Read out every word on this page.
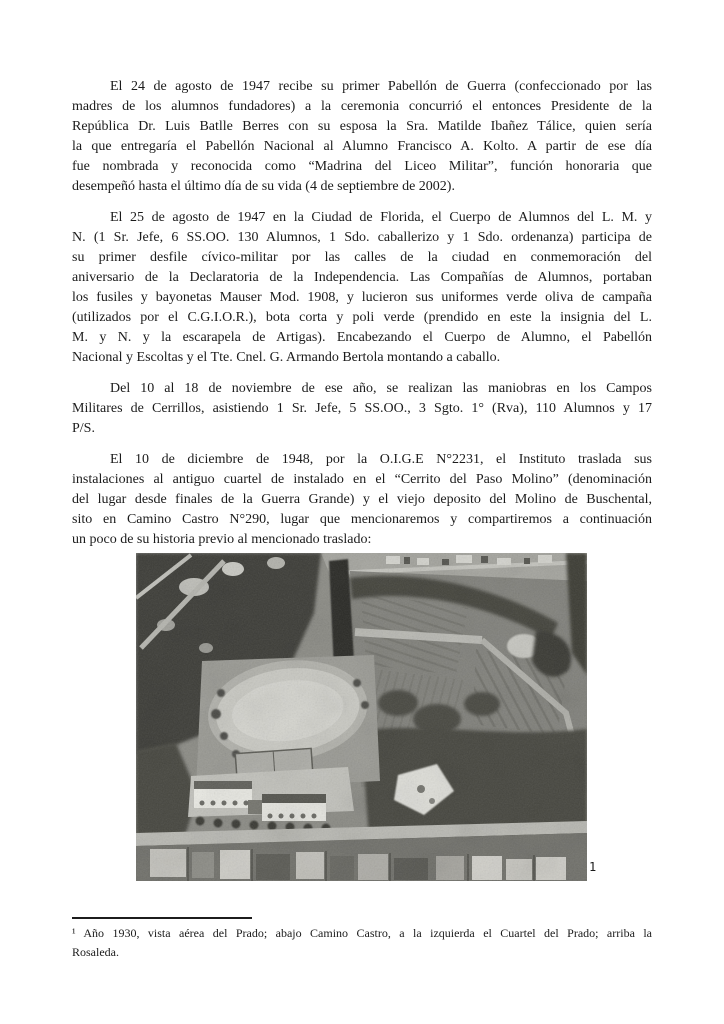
El 24 de agosto de 1947 recibe su primer Pabellón de Guerra (confeccionado por las
madres de los alumnos fundadores) a la ceremonia concurrió el entonces Presidente de la
República Dr. Luis Batlle Berres con su esposa la Sra. Matilde Ibañez Tálice, quien sería
la que entregaría el Pabellón Nacional al Alumno Francisco A. Kolto. A partir de ese día
fue nombrada y reconocida como “Madrina del Liceo Militar”, función honoraria que
desempeñó hasta el último día de su vida (4 de septiembre de 2002).

El 25 de agosto de 1947 en la Ciudad de Florida, el Cuerpo de Alumnos del L. M. y
N. (1 Sr. Jefe, 6 SS.OO. 130 Alumnos, 1 Sdo. caballerizo y 1 Sdo. ordenanza) participa de
su primer desfile cívico-militar por las calles de la ciudad en conmemoración del
aniversario de la Declaratoria de la Independencia. Las Compañías de Alumnos, portaban
los fusiles y bayonetas Mauser Mod. 1908, y lucieron sus uniformes verde oliva de campaña
(utilizados por el C.G.I.O.R.), bota corta y poli verde (prendido en este la insignia del L.
M. y N. y la escarapela de Artigas). Encabezando el Cuerpo de Alumno, el Pabellón
Nacional y Escoltas y el Tte. Cnel. G. Armando Bertola montando a caballo.

Del 10 al 18 de noviembre de ese año, se realizan las maniobras en los Campos
Militares de Cerrillos, asistiendo 1 Sr. Jefe, 5 SS.OO., 3 Sgto. 1° (Rva), 110 Alumnos y 17
P/S.

El 10 de diciembre de 1948, por la O.I.G.E N°2231, el Instituto traslada sus
instalaciones al antiguo cuartel de instalado en el “Cerrito del Paso Molino” (denominación
del lugar desde finales de la Guerra Grande) y el viejo deposito del Molino de Buschental,
sito en Camino Castro N°290, lugar que mencionaremos y compartiremos a continuación
un poco de su historia previo al mencionado traslado:

1
¹ Año 1930, vista aérea del Prado; abajo Camino Castro, a la izquierda el Cuartel del Prado; arriba la
Rosaleda.
